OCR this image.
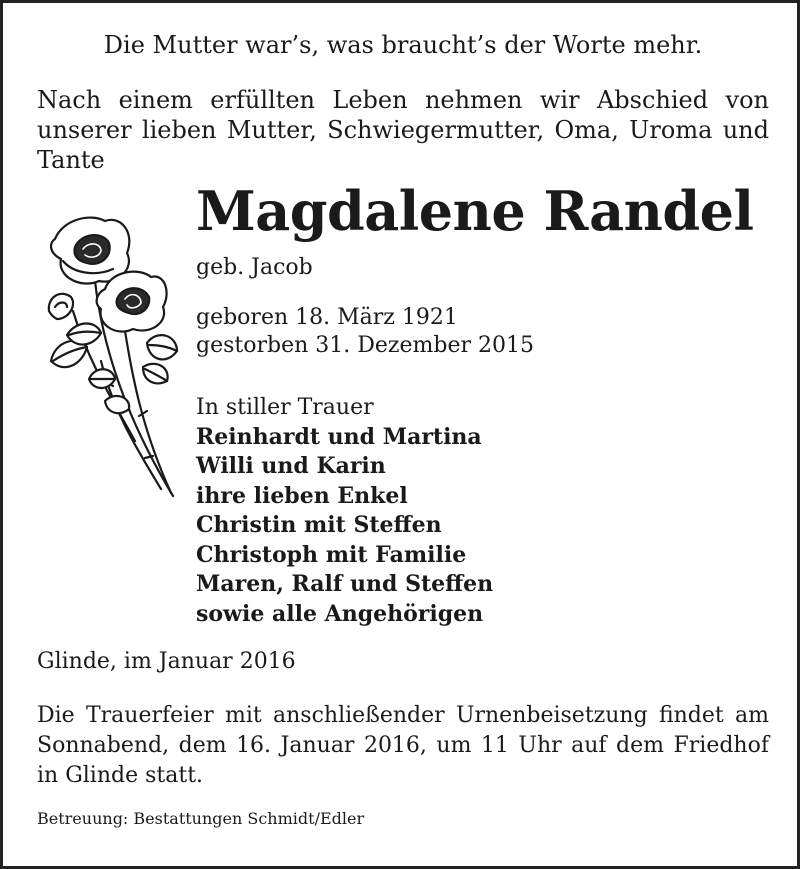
Die Mutter war’s, was braucht’s der Worte mehr.
Nach einem erfüllten Leben nehmen wir Abschied von unserer lieben Mutter, Schwiegermutter, Oma, Uroma und Tante
Magdalene Randel
geb. Jacob
geboren 18. März 1921
gestorben 31. Dezember 2015
In stiller Trauer
Reinhardt und Martina
Willi und Karin
ihre lieben Enkel
Christin mit Steffen
Christoph mit Familie
Maren, Ralf und Steffen
sowie alle Angehörigen
Glinde, im Januar 2016
Die Trauerfeier mit anschließender Urnenbeisetzung findet am Sonnabend, dem 16. Januar 2016, um 11 Uhr auf dem Friedhof in Glinde statt.
Betreuung: Bestattungen Schmidt/Edler
